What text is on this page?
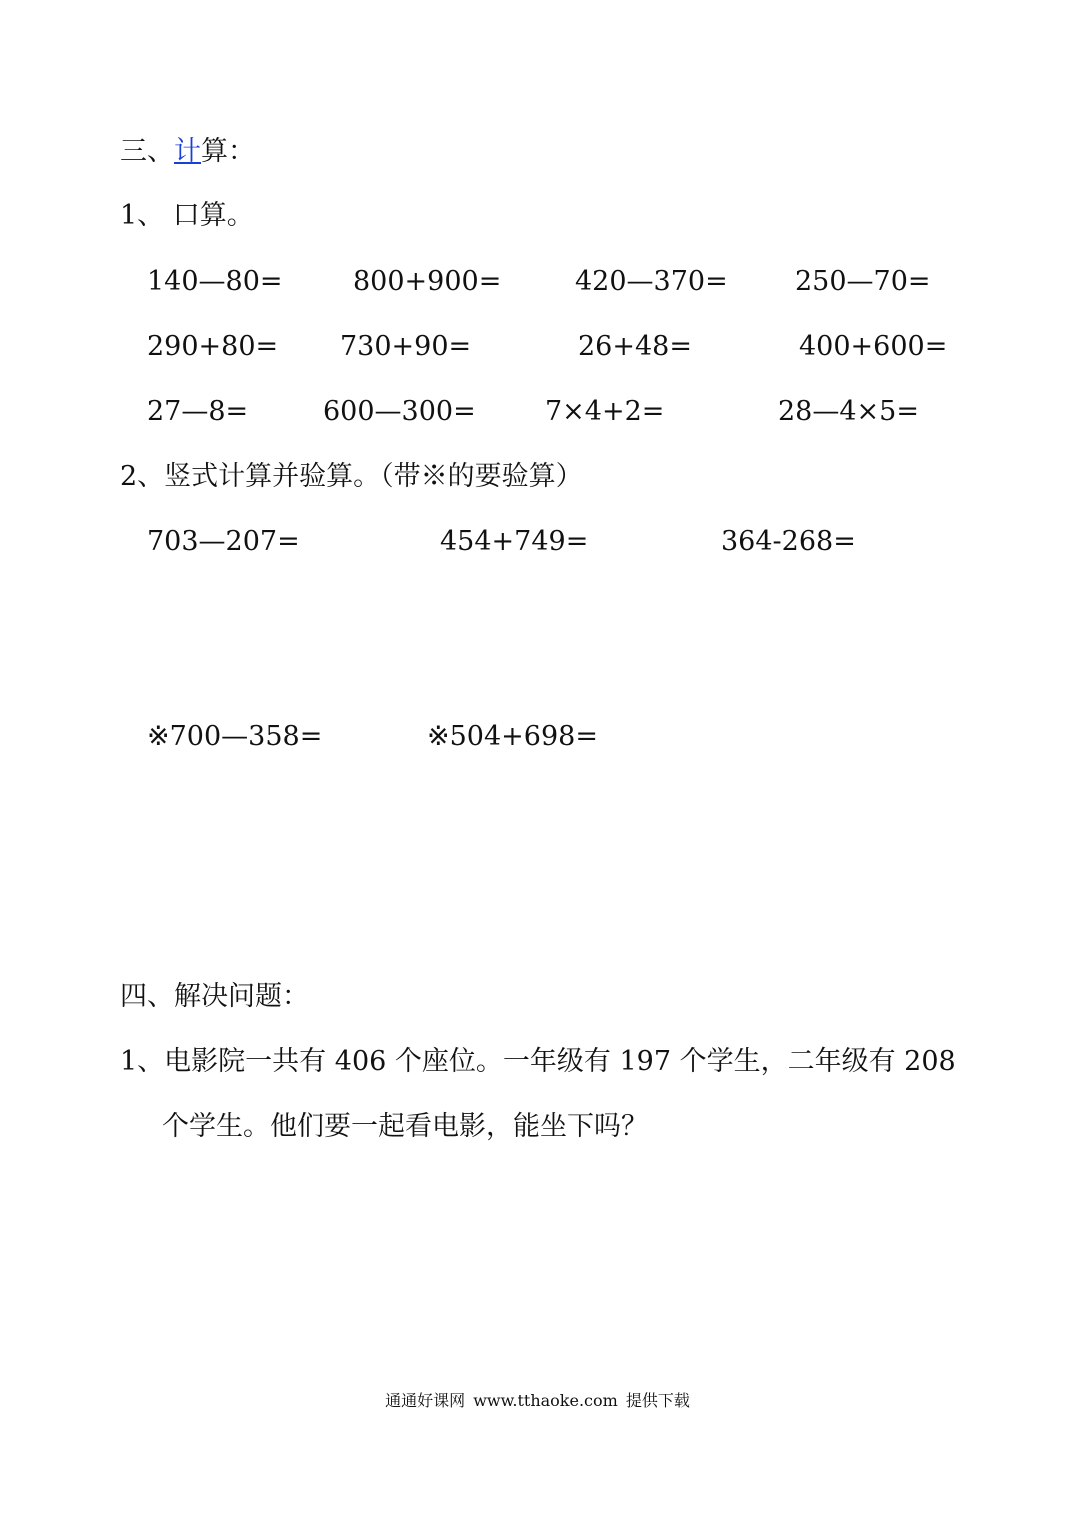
三、计算：
1、 口算。
140—80=	800+900=	420—370= 250—70=
290+80= 730+90=	26+48=	400+600=
27—8=	600—300=	7×4+2=	28—4×5=
2、竖式计算并验算。（带※的要验算）
703—207=	454+749=	364-268=
※700—358=	※504+698=
四、解决问题：
1、电影院一共有 406 个座位。一年级有 197 个学生，二年级有 208
个学生。他们要一起看电影，能坐下吗？
通通好课网 www.tthaoke.com 提供下载
